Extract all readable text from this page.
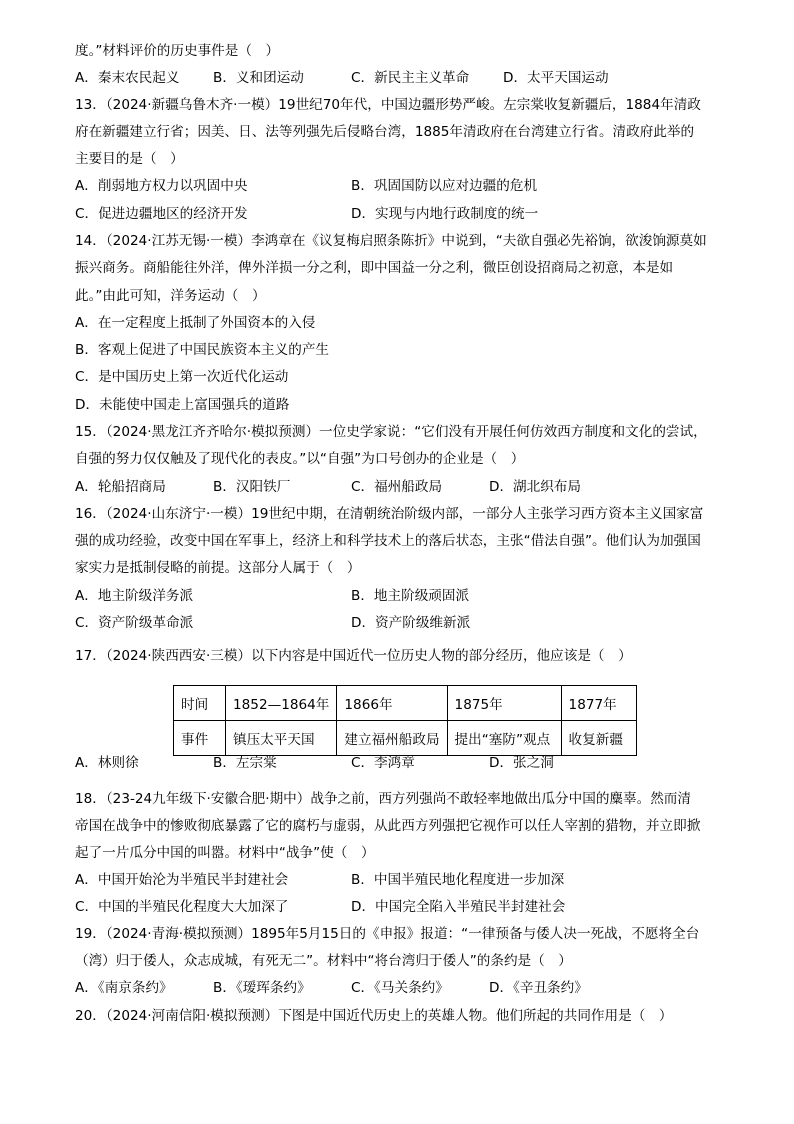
度。”材料评价的历史事件是（　）
13．（2024·新疆乌鲁木齐·一模）19世纪70年代，中国边疆形势严峻。左宗棠收复新疆后，1884年清政
府在新疆建立行省；因美、日、法等列强先后侵略台湾，1885年清政府在台湾建立行省。清政府此举的
主要目的是（　）
14．（2024·江苏无锡·一模）李鸿章在《议复梅启照条陈折》中说到，“夫欲自强必先裕饷，欲浚饷源莫如
振兴商务。商船能往外洋，俾外洋损一分之利，即中国益一分之利，微臣创设招商局之初意，本是如
此。”由此可知，洋务运动（　）
A．在一定程度上抵制了外国资本的入侵
B．客观上促进了中国民族资本主义的产生
C．是中国历史上第一次近代化运动
D．未能使中国走上富国强兵的道路
15．（2024·黑龙江齐齐哈尔·模拟预测）一位史学家说：“它们没有开展任何仿效西方制度和文化的尝试，
自强的努力仅仅触及了现代化的表皮。”以“自强”为口号创办的企业是（　）
16．（2024·山东济宁·一模）19世纪中期，在清朝统治阶级内部，一部分人主张学习西方资本主义国家富
强的成功经验，改变中国在军事上，经济上和科学技术上的落后状态，主张“借法自强”。他们认为加强国
家实力是抵制侵略的前提。这部分人属于（　）
17．（2024·陕西西安·三模）以下内容是中国近代一位历史人物的部分经历，他应该是（　）
18．（23-24九年级下·安徽合肥·期中）战争之前，西方列强尚不敢轻率地做出瓜分中国的麋辜。然而清
帝国在战争中的惨败彻底暴露了它的腐朽与虚弱，从此西方列强把它视作可以任人宰割的猎物，并立即掀
起了一片瓜分中国的叫嚣。材料中“战争”使（　）
19．（2024·青海·模拟预测）1895年5月15日的《申报》报道：“一律预备与倭人决一死战，不愿将全台
（湾）归于倭人，众志成城，有死无二”。材料中“将台湾归于倭人”的条约是（　）
20．（2024·河南信阳·模拟预测）下图是中国近代历史上的英雄人物。他们所起的共同作用是（　）
A．秦末农民起义 B．义和团运动	C．新民主主义革命 D．太平天国运动
A．削弱地方权力以巩固中央	B．巩固国防以应对边疆的危机
C．促进边疆地区的经济开发	D．实现与内地行政制度的统一
A．轮船招商局	B．汉阳铁厂	C．福州船政局	D．湖北织布局
A．地主阶级洋务派	B．地主阶级顽固派
C．资产阶级革命派	D．资产阶级维新派
A．林则徐	B．左宗棠	C．李鸿章	D．张之洞
A．中国开始沦为半殖民半封建社会	B．中国半殖民地化程度进一步加深
C．中国的半殖民化程度大大加深了	D．中国完全陷入半殖民半封建社会
A．《南京条约》	B．《瑷珲条约》	C．《马关条约》	D．《辛丑条约》
时间	1852—1864年	1866年	1875年	1877年
事件	镇压太平天国	建立福州船政局	提出“塞防”观点	收复新疆
